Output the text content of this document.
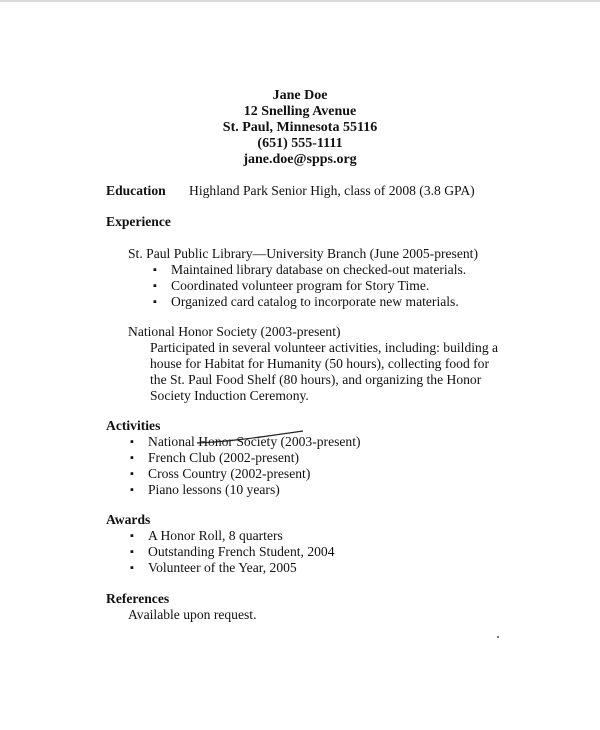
Jane Doe
12 Snelling Avenue
St. Paul, Minnesota 55116
(651) 555-1111
jane.doe@spps.org
Education Highland Park Senior High, class of 2008 (3.8 GPA)
Experience
St. Paul Public Library—University Branch (June 2005-present)
▪ Maintained library database on checked-out materials.
▪ Coordinated volunteer program for Story Time.
▪ Organized card catalog to incorporate new materials.
National Honor Society (2003-present)
Participated in several volunteer activities, including: building a
house for Habitat for Humanity (50 hours), collecting food for
the St. Paul Food Shelf (80 hours), and organizing the Honor
Society Induction Ceremony.
Activities
▪ National Honor Society (2003-present)
▪ French Club (2002-present)
▪ Cross Country (2002-present)
▪ Piano lessons (10 years)
Awards
▪ A Honor Roll, 8 quarters
▪ Outstanding French Student, 2004
▪ Volunteer of the Year, 2005
References
Available upon request.
